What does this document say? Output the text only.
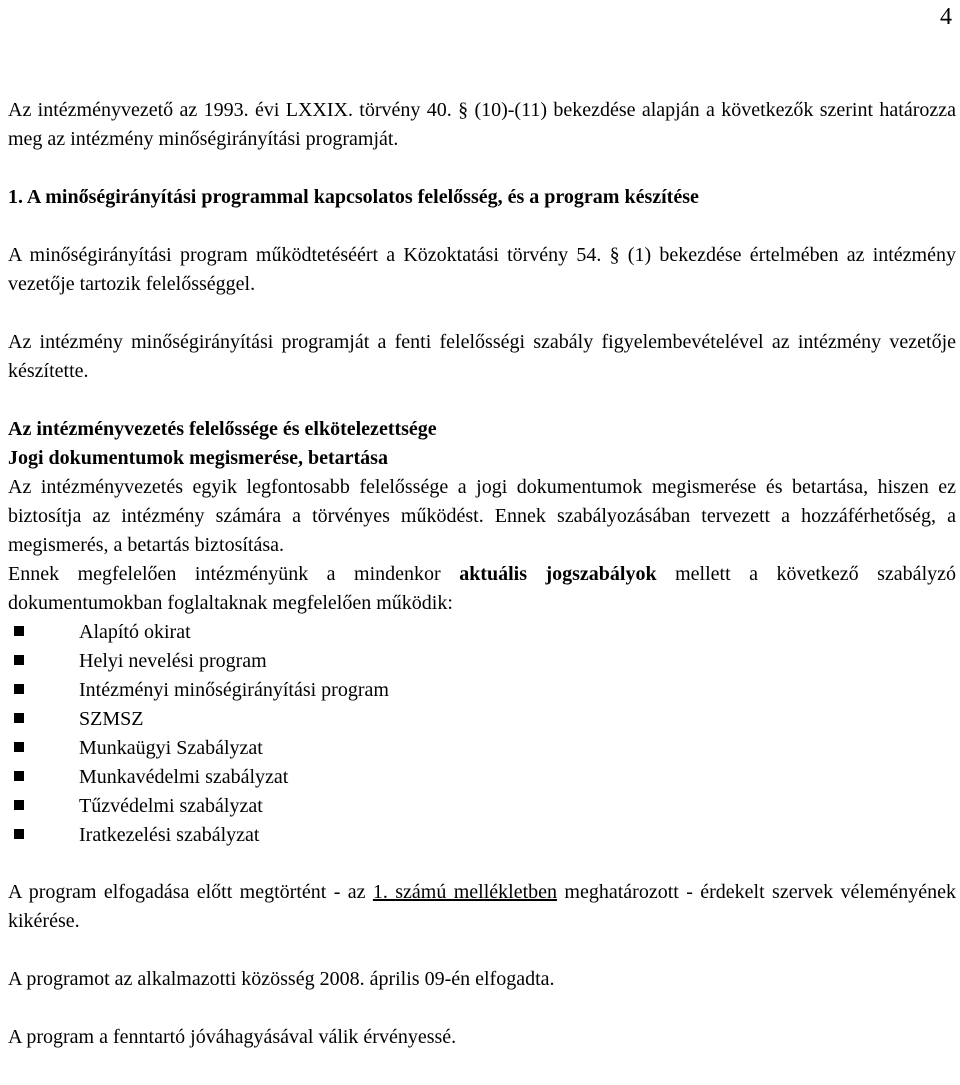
4

Az intézményvezető az 1993. évi LXXIX. törvény 40. § (10)-(11) bekezdése alapján a következők szerint határozza meg az intézmény minőségirányítási programját.

1. A minőségirányítási programmal kapcsolatos felelősség, és a program készítése

A minőségirányítási program működtetéséért a Közoktatási törvény 54. § (1) bekezdése értelmében az intézmény vezetője tartozik felelősséggel.

Az intézmény minőségirányítási programját a fenti felelősségi szabály figyelembevételével az intézmény vezetője készítette.

Az intézményvezetés felelőssége és elkötelezettsége

Jogi dokumentumok megismerése, betartása

Az intézményvezetés egyik legfontosabb felelőssége a jogi dokumentumok megismerése és betartása, hiszen ez biztosítja az intézmény számára a törvényes működést. Ennek szabályozásában tervezett a hozzáférhetőség, a megismerés, a betartás biztosítása.

Ennek megfelelően intézményünk a mindenkor aktuális jogszabályok mellett a következő szabályzó dokumentumokban foglaltaknak megfelelően működik:

Alapító okirat
Helyi nevelési program
Intézményi minőségirányítási program
SZMSZ
Munkaügyi Szabályzat
Munkavédelmi szabályzat
Tűzvédelmi szabályzat
Iratkezelési szabályzat

A program elfogadása előtt megtörtént - az 1. számú mellékletben meghatározott - érdekelt szervek véleményének kikérése.

A programot az alkalmazotti közösség 2008. április 09-én elfogadta.

A program a fenntartó jóváhagyásával válik érvényessé.
